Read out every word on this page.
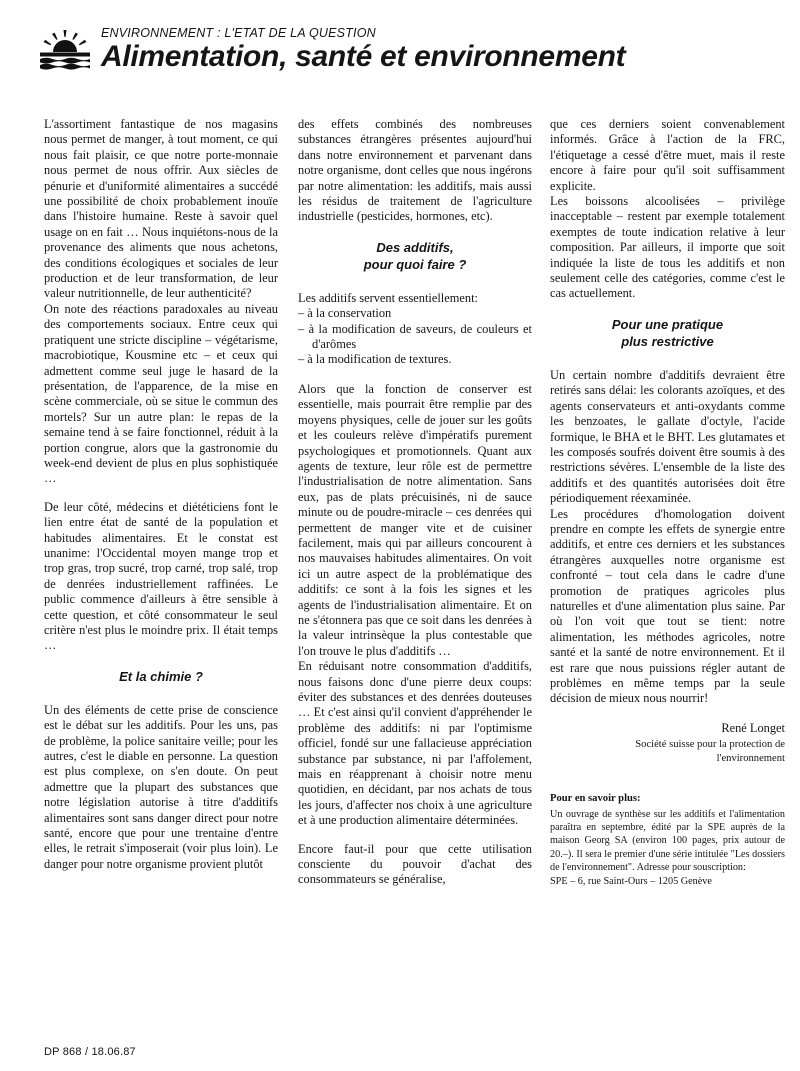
ENVIRONNEMENT : L'ETAT DE LA QUESTION
Alimentation, santé et environnement

L'assortiment fantastique de nos magasins nous permet de manger, à tout moment, ce qui nous fait plaisir, ce que notre porte-monnaie nous permet de nous offrir. Aux siècles de pénurie et d'uniformité alimentaires a succédé une possibilité de choix probablement inouïe dans l'histoire humaine. Reste à savoir quel usage on en fait … Nous inquiétons-nous de la provenance des aliments que nous achetons, des conditions écologiques et sociales de leur production et de leur transformation, de leur valeur nutritionnelle, de leur authenticité?

On note des réactions paradoxales au niveau des comportements sociaux. Entre ceux qui pratiquent une stricte discipline – végétarisme, macrobiotique, Kousmine etc – et ceux qui admettent comme seul juge le hasard de la présentation, de l'apparence, de la mise en scène commerciale, où se situe le commun des mortels? Sur un autre plan: le repas de la semaine tend à se faire fonctionnel, réduit à la portion congrue, alors que la gastronomie du week-end devient de plus en plus sophistiquée …

De leur côté, médecins et diététiciens font le lien entre état de santé de la population et habitudes alimentaires. Et le constat est unanime: l'Occidental moyen mange trop et trop gras, trop sucré, trop carné, trop salé, trop de denrées industriellement raffinées. Le public commence d'ailleurs à être sensible à cette question, et côté consommateur le seul critère n'est plus le moindre prix. Il était temps …

Et la chimie ?

Un des éléments de cette prise de conscience est le débat sur les additifs. Pour les uns, pas de problème, la police sanitaire veille; pour les autres, c'est le diable en personne. La question est plus complexe, on s'en doute. On peut admettre que la plupart des substances que notre législation autorise à titre d'additifs alimentaires sont sans danger direct pour notre santé, encore que pour une trentaine d'entre elles, le retrait s'imposerait (voir plus loin). Le danger pour notre organisme provient plutôt

des effets combinés des nombreuses substances étrangères présentes aujourd'hui dans notre environnement et parvenant dans notre organisme, dont celles que nous ingérons par notre alimentation: les additifs, mais aussi les résidus de traitement de l'agriculture industrielle (pesticides, hormones, etc).

Des additifs,
pour quoi faire ?

Les additifs servent essentiellement:

– à la conservation
– à la modification de saveurs, de couleurs et d'arômes
– à la modification de textures.

Alors que la fonction de conserver est essentielle, mais pourrait être remplie par des moyens physiques, celle de jouer sur les goûts et les couleurs relève d'impératifs purement psychologiques et promotionnels. Quant aux agents de texture, leur rôle est de permettre l'industrialisation de notre alimentation. Sans eux, pas de plats précuisinés, ni de sauce minute ou de poudre-miracle – ces denrées qui permettent de manger vite et de cuisiner facilement, mais qui par ailleurs concourent à nos mauvaises habitudes alimentaires. On voit ici un autre aspect de la problématique des additifs: ce sont à la fois les signes et les agents de l'industrialisation alimentaire. Et on ne s'étonnera pas que ce soit dans les denrées à la valeur intrinsèque la plus contestable que l'on trouve le plus d'additifs …

En réduisant notre consommation d'additifs, nous faisons donc d'une pierre deux coups: éviter des substances et des denrées douteuses … Et c'est ainsi qu'il convient d'appréhender le problème des additifs: ni par l'optimisme officiel, fondé sur une fallacieuse appréciation substance par substance, ni par l'affolement, mais en réapprenant à choisir notre menu quotidien, en décidant, par nos achats de tous les jours, d'affecter nos choix à une agriculture et à une production alimentaire déterminées.

Encore faut-il pour que cette utilisation consciente du pouvoir d'achat des consommateurs se généralise,

que ces derniers soient convenablement informés. Grâce à l'action de la FRC, l'étiquetage a cessé d'être muet, mais il reste encore à faire pour qu'il soit suffisamment explicite.

Les boissons alcoolisées – privilège inacceptable – restent par exemple totalement exemptes de toute indication relative à leur composition. Par ailleurs, il importe que soit indiquée la liste de tous les additifs et non seulement celle des catégories, comme c'est le cas actuellement.

Pour une pratique
plus restrictive

Un certain nombre d'additifs devraient être retirés sans délai: les colorants azoïques, et des agents conservateurs et anti-oxydants comme les benzoates, le gallate d'octyle, l'acide formique, le BHA et le BHT. Les glutamates et les composés soufrés doivent être soumis à des restrictions sévères. L'ensemble de la liste des additifs et des quantités autorisées doit être périodiquement réexaminée.

Les procédures d'homologation doivent prendre en compte les effets de synergie entre additifs, et entre ces derniers et les substances étrangères auxquelles notre organisme est confronté – tout cela dans le cadre d'une promotion de pratiques agricoles plus naturelles et d'une alimentation plus saine. Par où l'on voit que tout se tient: notre alimentation, les méthodes agricoles, notre santé et la santé de notre environnement. Et il est rare que nous puissions régler autant de problèmes en même temps par la seule décision de mieux nous nourrir!

René Longet
Société suisse pour la protection de l'environnement
Pour en savoir plus:
Un ouvrage de synthèse sur les additifs et l'alimentation paraîtra en septembre, édité par la SPE auprès de la maison Georg SA (environ 100 pages, prix autour de 20.–). Il sera le premier d'une série intitulée "Les dossiers de l'environnement". Adresse pour souscription:
SPE – 6, rue Saint-Ours – 1205 Genève
DP 868 / 18.06.87
